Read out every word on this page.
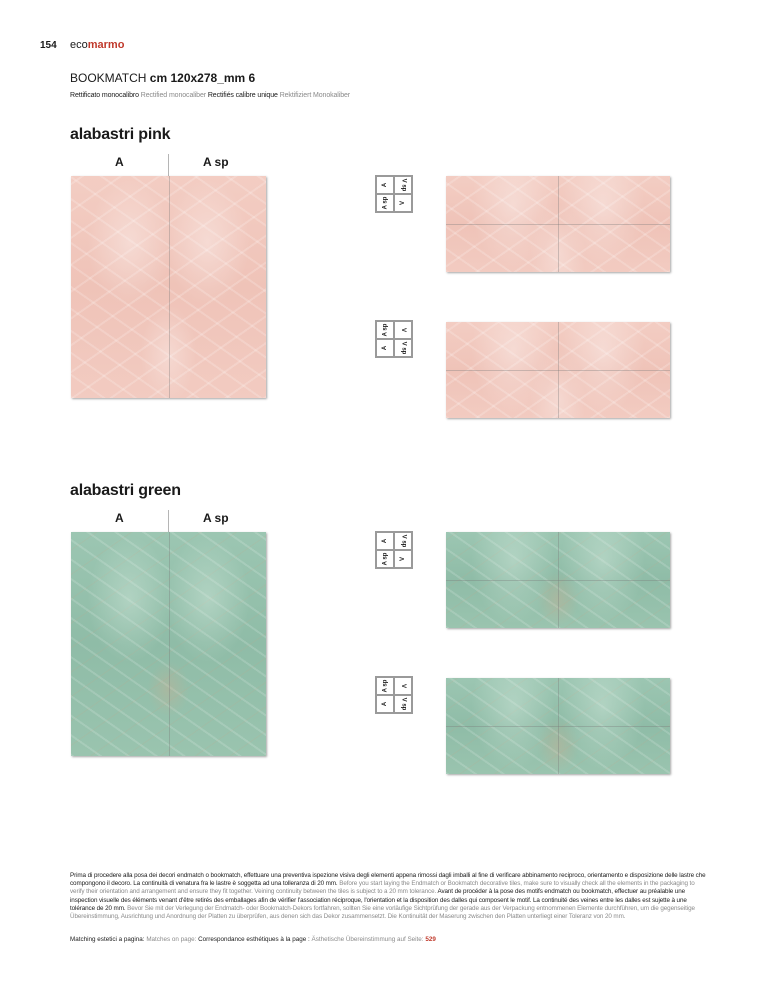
154 ecomarmo
BOOKMATCH cm 120x278_mm 6
Rettificato monocalibro Rectified monocaliber Rectifiés calibre unique Rektifiziert Monokaliber
alabastri pink
A	A sp
A V sp
A sp V
A sp V
A V sp
alabastri green
A	A sp
A V sp
A sp V
A sp V
A V sp
Prima di procedere alla posa dei decori endmatch o bookmatch, effettuare una preventiva ispezione visiva degli elementi appena rimossi dagli imballi al fine di verificare abbinamento reciproco, orientamento e disposizione delle lastre che compongono il decoro. La continuità di venatura fra le lastre è soggetta ad una tolleranza di 20 mm. Before you start laying the Endmatch or Bookmatch decorative tiles, make sure to visually check all the elements in the packaging to verify their orientation and arrangement and ensure they fit together. Veining continuity between the tiles is subject to a 20 mm tolerance. Avant de procéder à la pose des motifs endmatch ou bookmatch, effectuer au préalable une inspection visuelle des éléments venant d'être retirés des emballages afin de vérifier l'association réciproque, l'orientation et la disposition des dalles qui composent le motif. La continuité des veines entre les dalles est sujette à une tolérance de 20 mm. Bevor Sie mit der Verlegung der Endmatch- oder Bookmatch-Dekors fortfahren, sollten Sie eine vorläufige Sichtprüfung der gerade aus der Verpackung entnommenen Elemente durchführen, um die gegenseitige Übereinstimmung, Ausrichtung und Anordnung der Platten zu überprüfen, aus denen sich das Dekor zusammensetzt. Die Kontinuität der Maserung zwischen den Platten unterliegt einer Toleranz von 20 mm.
Matching estetici a pagina: Matches on page: Correspondance esthétiques à la page : Ästhetische Übereinstimmung auf Seite: 529
